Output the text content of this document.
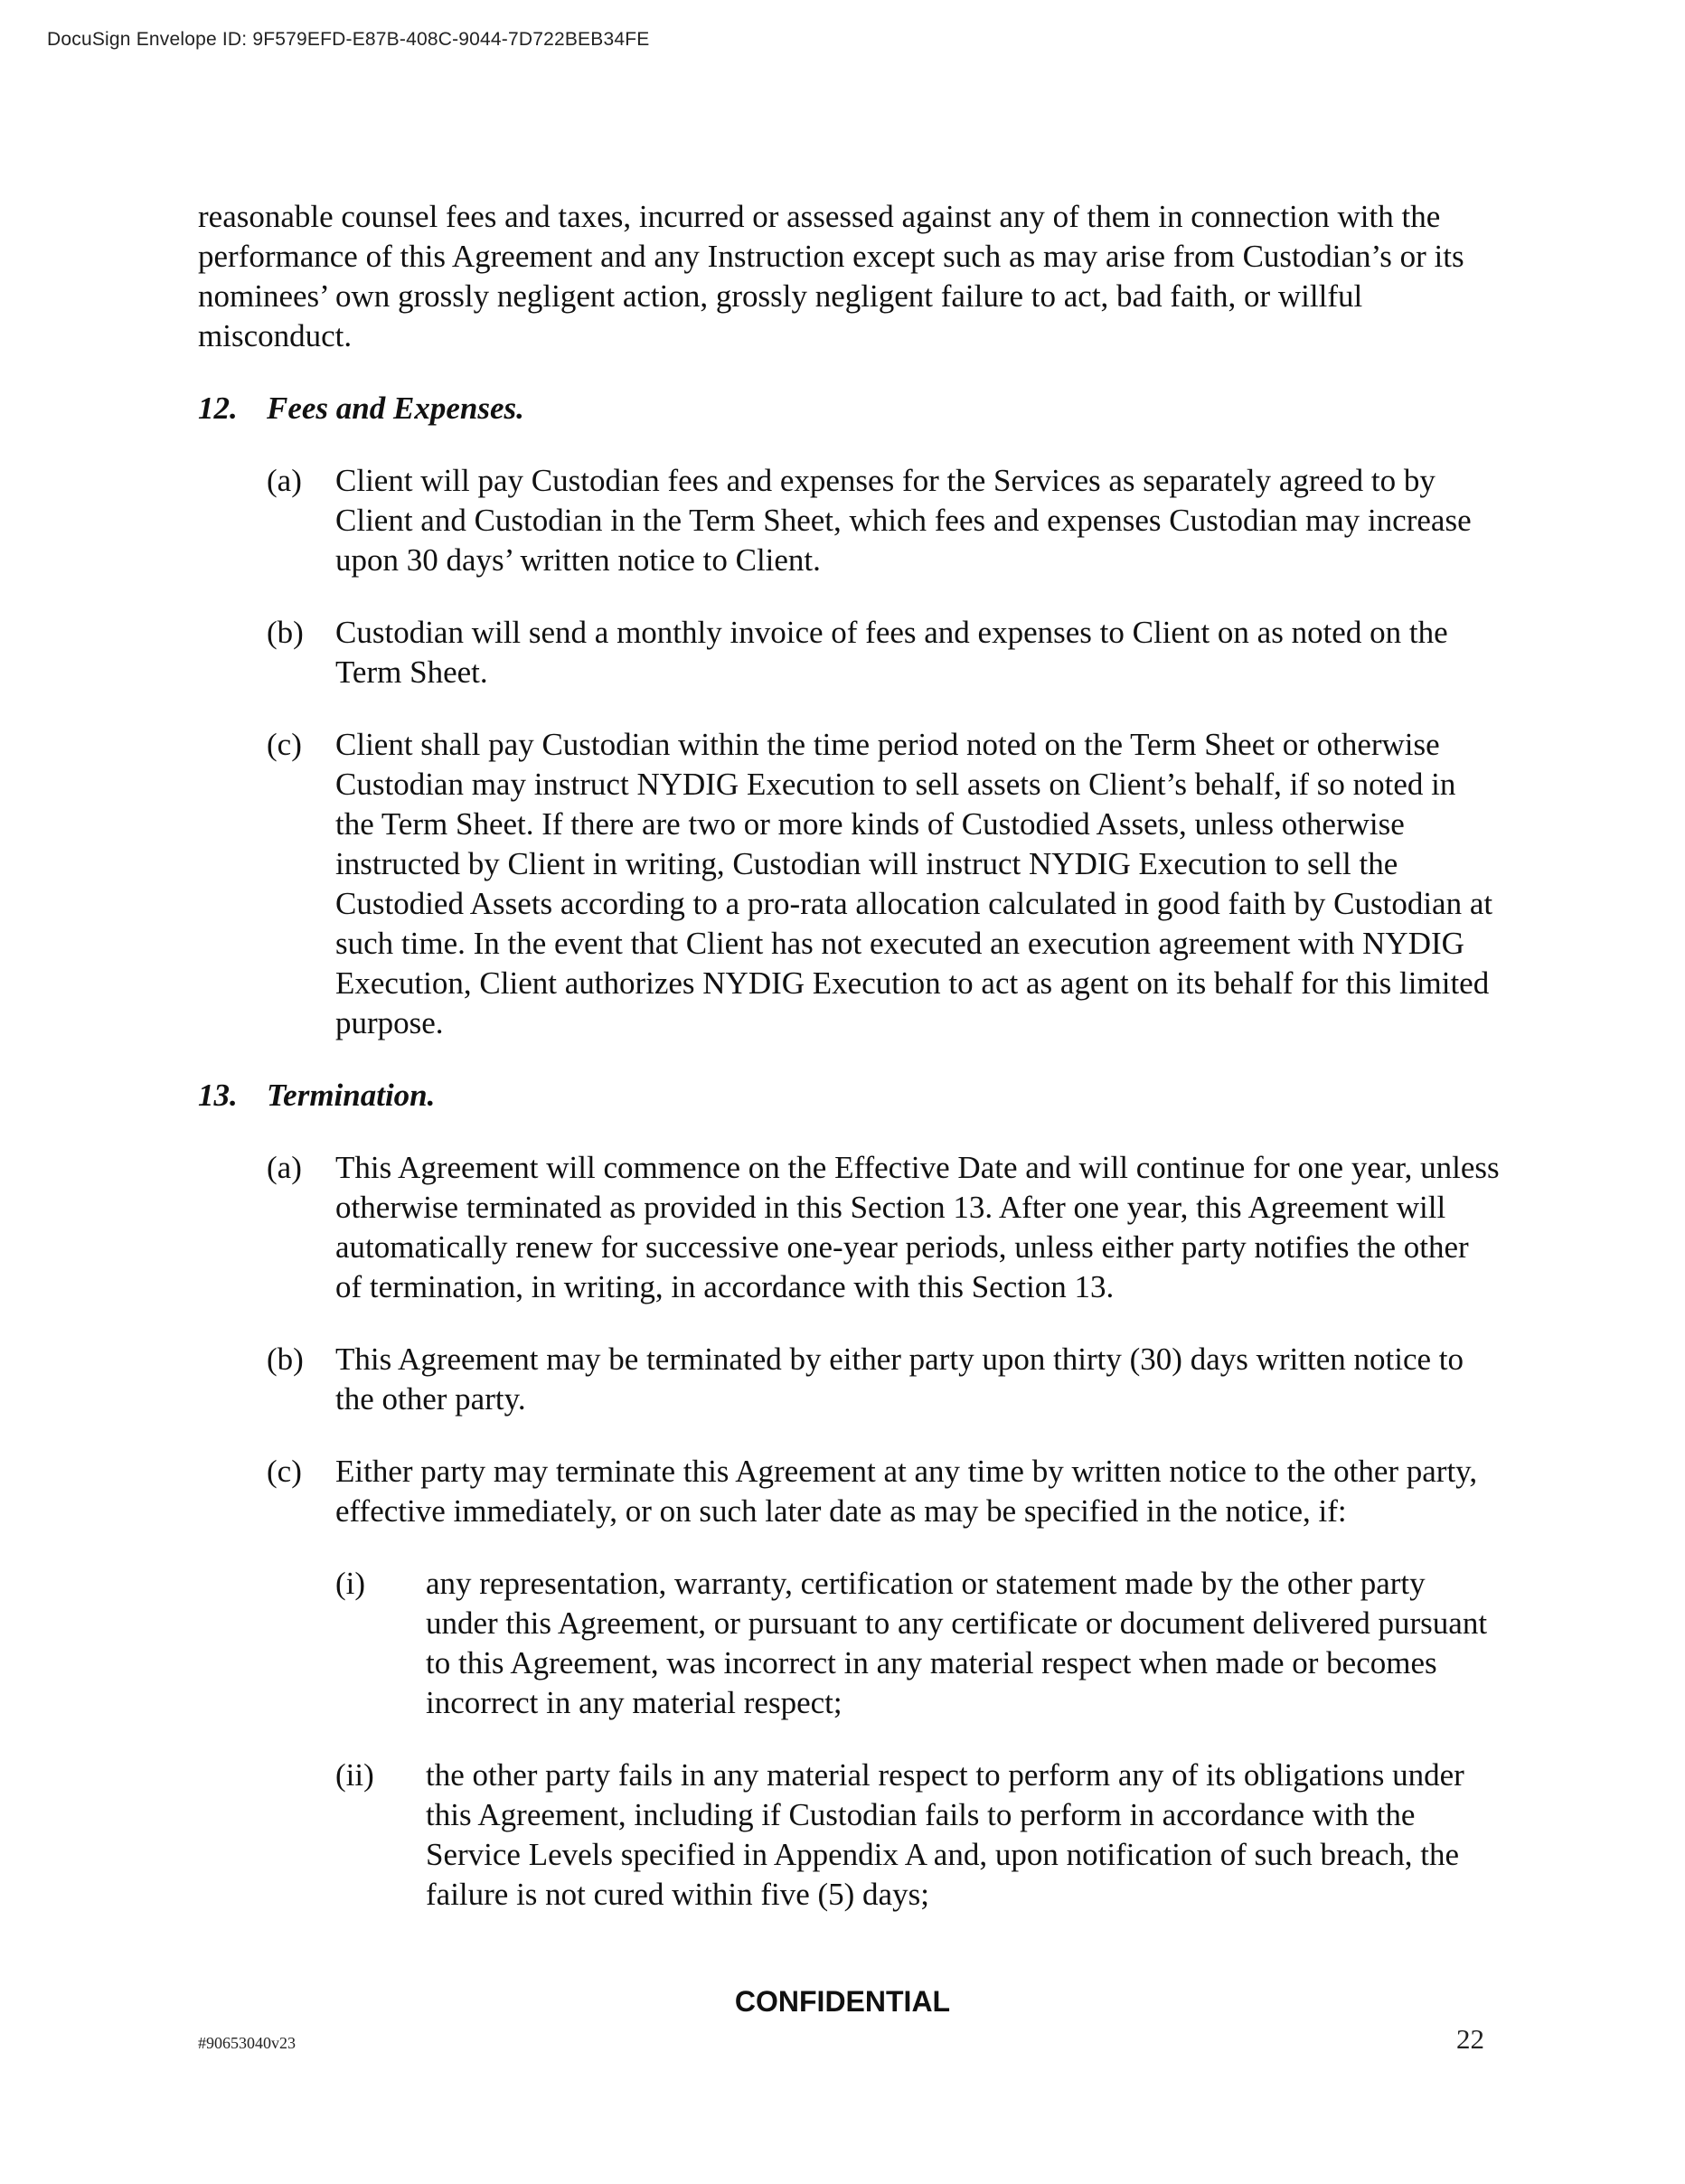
DocuSign Envelope ID: 9F579EFD-E87B-408C-9044-7D722BEB34FE

reasonable counsel fees and taxes, incurred or assessed against any of them in connection with the performance of this Agreement and any Instruction except such as may arise from Custodian’s or its nominees’ own grossly negligent action, grossly negligent failure to act, bad faith, or willful misconduct.

12. Fees and Expenses.
(a)	Client will pay Custodian fees and expenses for the Services as separately agreed to by Client and Custodian in the Term Sheet, which fees and expenses Custodian may increase upon 30 days’ written notice to Client.
(b)	Custodian will send a monthly invoice of fees and expenses to Client on as noted on the Term Sheet.
(c)	Client shall pay Custodian within the time period noted on the Term Sheet or otherwise Custodian may instruct NYDIG Execution to sell assets on Client’s behalf, if so noted in the Term Sheet. If there are two or more kinds of Custodied Assets, unless otherwise instructed by Client in writing, Custodian will instruct NYDIG Execution to sell the Custodied Assets according to a pro-rata allocation calculated in good faith by Custodian at such time. In the event that Client has not executed an execution agreement with NYDIG Execution, Client authorizes NYDIG Execution to act as agent on its behalf for this limited purpose.
13. Termination.
(a)	This Agreement will commence on the Effective Date and will continue for one year, unless otherwise terminated as provided in this Section 13. After one year, this Agreement will automatically renew for successive one-year periods, unless either party notifies the other of termination, in writing, in accordance with this Section 13.
(b)	This Agreement may be terminated by either party upon thirty (30) days written notice to the other party.
(c)	Either party may terminate this Agreement at any time by written notice to the other party, effective immediately, or on such later date as may be specified in the notice, if:
(i)	any representation, warranty, certification or statement made by the other party under this Agreement, or pursuant to any certificate or document delivered pursuant to this Agreement, was incorrect in any material respect when made or becomes incorrect in any material respect;
(ii)	the other party fails in any material respect to perform any of its obligations under this Agreement, including if Custodian fails to perform in accordance with the Service Levels specified in Appendix A and, upon notification of such breach, the failure is not cured within five (5) days;
CONFIDENTIAL
#90653040v23	22
